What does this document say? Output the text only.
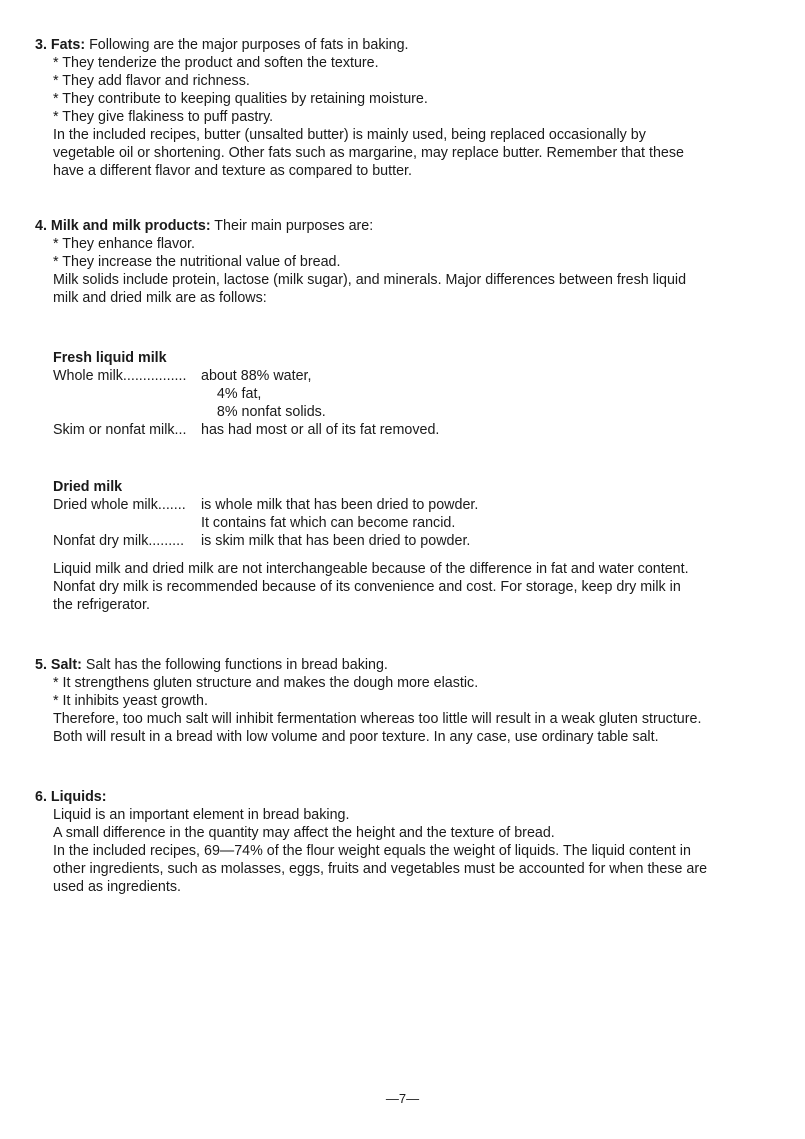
3. Fats: Following are the major purposes of fats in baking.
* They tenderize the product and soften the texture.
* They add flavor and richness.
* They contribute to keeping qualities by retaining moisture.
* They give flakiness to puff pastry.
In the included recipes, butter (unsalted butter) is mainly used, being replaced occasionally by
vegetable oil or shortening. Other fats such as margarine, may replace butter. Remember that these
have a different flavor and texture as compared to butter.
4. Milk and milk products: Their main purposes are:
* They enhance flavor.
* They increase the nutritional value of bread.
Milk solids include protein, lactose (milk sugar), and minerals. Major differences between fresh liquid
milk and dried milk are as follows:
Fresh liquid milk
Whole milk................ about 88% water,
4% fat,
8% nonfat solids.
Skim or nonfat milk... has had most or all of its fat removed.
Dried milk
Dried whole milk....... is whole milk that has been dried to powder.
It contains fat which can become rancid.
Nonfat dry milk......... is skim milk that has been dried to powder.
Liquid milk and dried milk are not interchangeable because of the difference in fat and water content.
Nonfat dry milk is recommended because of its convenience and cost. For storage, keep dry milk in
the refrigerator.
5. Salt: Salt has the following functions in bread baking.
* It strengthens gluten structure and makes the dough more elastic.
* It inhibits yeast growth.
Therefore, too much salt will inhibit fermentation whereas too little will result in a weak gluten structure.
Both will result in a bread with low volume and poor texture. In any case, use ordinary table salt.
6. Liquids:
Liquid is an important element in bread baking.
A small difference in the quantity may affect the height and the texture of bread.
In the included recipes, 69—74% of the flour weight equals the weight of liquids. The liquid content in
other ingredients, such as molasses, eggs, fruits and vegetables must be accounted for when these are
used as ingredients.
—7—
